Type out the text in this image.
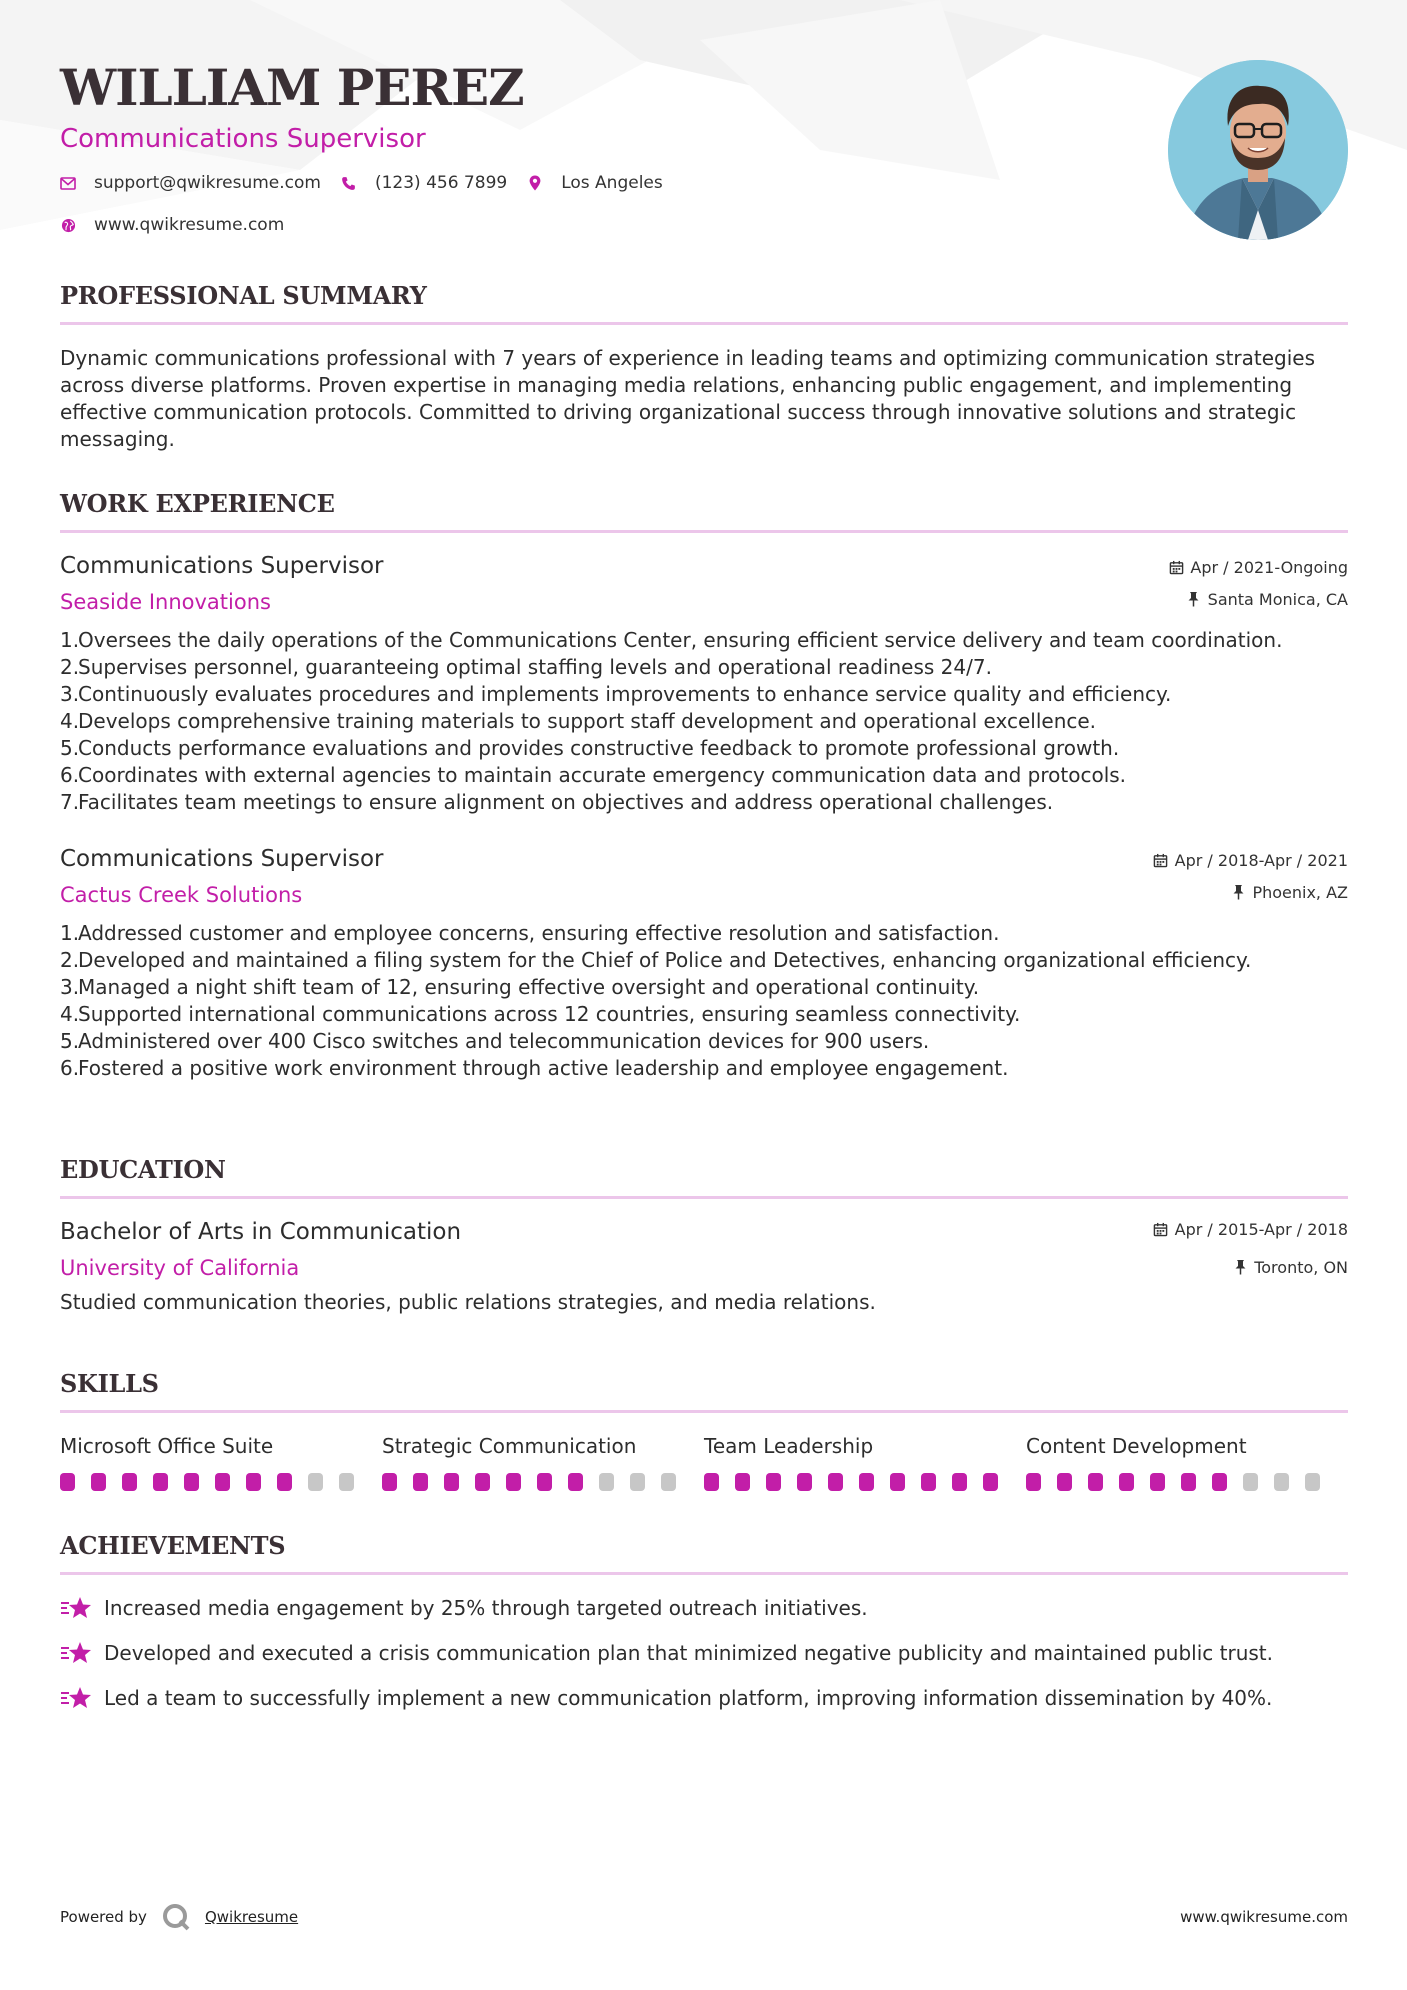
WILLIAM PEREZ
Communications Supervisor
support@qwikresume.com	(123) 456 7899	Los Angeles
www.qwikresume.com
PROFESSIONAL SUMMARY

Dynamic communications professional with 7 years of experience in leading teams and optimizing communication strategies across diverse platforms. Proven expertise in managing media relations, enhancing public engagement, and implementing effective communication protocols. Committed to driving organizational success through innovative solutions and strategic messaging.

WORK EXPERIENCE
Communications Supervisor
Seaside Innovations
Apr / 2021-Ongoing
Santa Monica, CA
1.
Oversees the daily operations of the Communications Center, ensuring efficient service delivery and team coordination.
2.
Supervises personnel, guaranteeing optimal staffing levels and operational readiness 24/7.
3.
Continuously evaluates procedures and implements improvements to enhance service quality and efficiency.
4.
Develops comprehensive training materials to support staff development and operational excellence.
5.
Conducts performance evaluations and provides constructive feedback to promote professional growth.
6.
Coordinates with external agencies to maintain accurate emergency communication data and protocols.
7.
Facilitates team meetings to ensure alignment on objectives and address operational challenges.
Communications Supervisor
Cactus Creek Solutions
Apr / 2018-Apr / 2021
Phoenix, AZ
1.
Addressed customer and employee concerns, ensuring effective resolution and satisfaction.
2.
Developed and maintained a filing system for the Chief of Police and Detectives, enhancing organizational efficiency.
3.
Managed a night shift team of 12, ensuring effective oversight and operational continuity.
4.
Supported international communications across 12 countries, ensuring seamless connectivity.
5.
Administered over 400 Cisco switches and telecommunication devices for 900 users.
6.
Fostered a positive work environment through active leadership and employee engagement.
EDUCATION
Bachelor of Arts in Communication
University of California
Apr / 2015-Apr / 2018
Toronto, ON

Studied communication theories, public relations strategies, and media relations.

SKILLS
Microsoft Office Suite	Strategic Communication	Team Leadership	Content Development
ACHIEVEMENTS
Increased media engagement by 25% through targeted outreach initiatives.
Developed and executed a crisis communication plan that minimized negative publicity and maintained public trust.
Led a team to successfully implement a new communication platform, improving information dissemination by 40%.
Powered by	Qwikresume	www.qwikresume.com
